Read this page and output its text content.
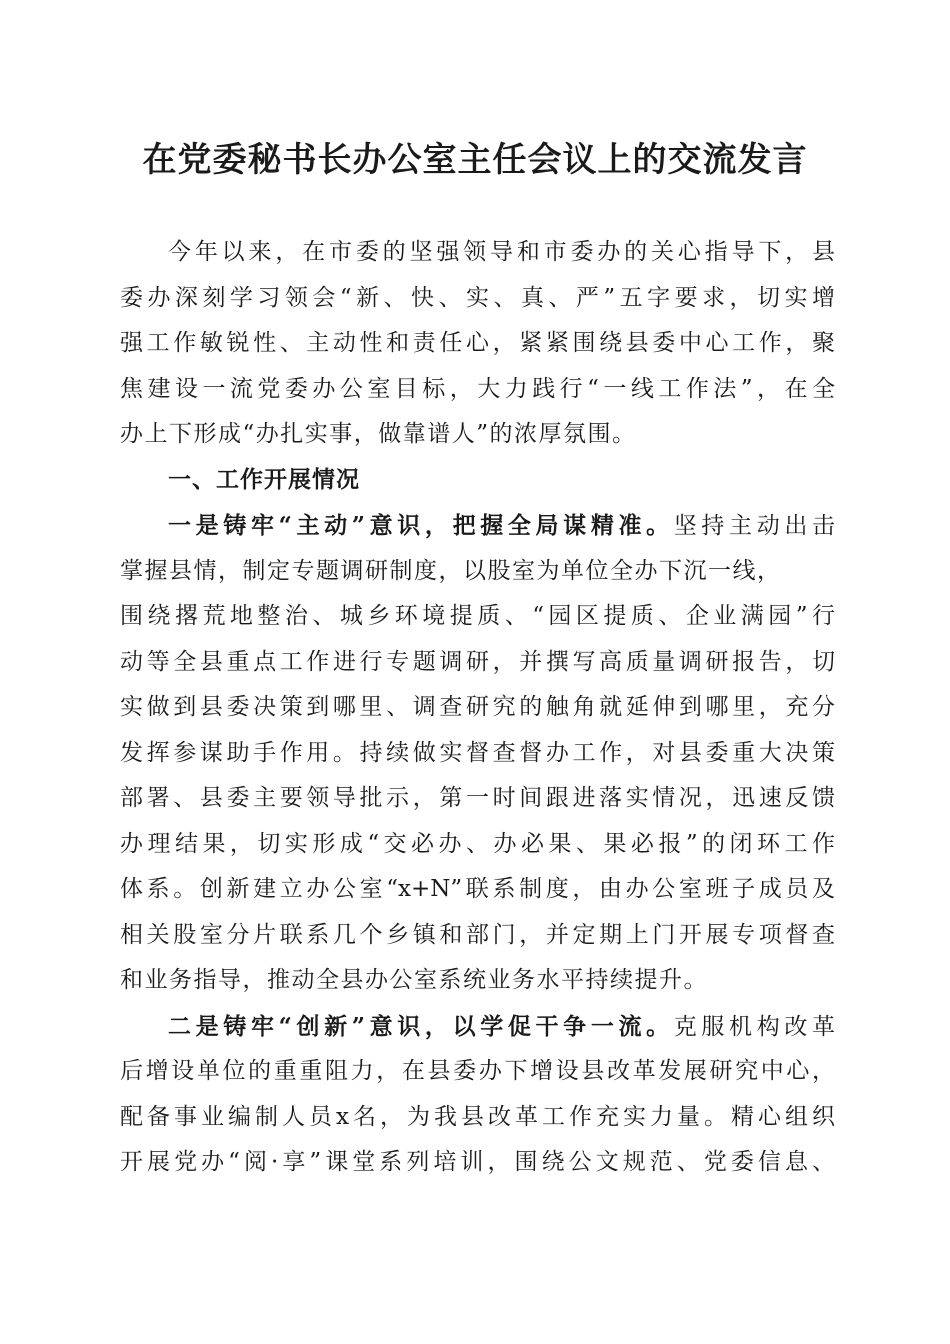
在党委秘书长办公室主任会议上的交流发言
今年以来，在市委的坚强领导和市委办的关心指导下，县
委办深刻学习领会“新、快、实、真、严”五字要求，切实增
强工作敏锐性、主动性和责任心，紧紧围绕县委中心工作，聚
焦建设一流党委办公室目标，大力践行“一线工作法”，在全
办上下形成“办扎实事，做靠谱人”的浓厚氛围。
一、工作开展情况
一是铸牢“主动”意识，把握全局谋精准。坚持主动出击
掌握县情，制定专题调研制度，以股室为单位全办下沉一线，
围绕撂荒地整治、城乡环境提质、“园区提质、企业满园”行
动等全县重点工作进行专题调研，并撰写高质量调研报告，切
实做到县委决策到哪里、调查研究的触角就延伸到哪里，充分
发挥参谋助手作用。持续做实督查督办工作，对县委重大决策
部署、县委主要领导批示，第一时间跟进落实情况，迅速反馈
办理结果，切实形成“交必办、办必果、果必报”的闭环工作
体系。创新建立办公室“x+N”联系制度，由办公室班子成员及
相关股室分片联系几个乡镇和部门，并定期上门开展专项督查
和业务指导，推动全县办公室系统业务水平持续提升。
二是铸牢“创新”意识，以学促干争一流。克服机构改革
后增设单位的重重阻力，在县委办下增设县改革发展研究中心，
配备事业编制人员x名，为我县改革工作充实力量。精心组织
开展党办“阅·享”课堂系列培训，围绕公文规范、党委信息、
